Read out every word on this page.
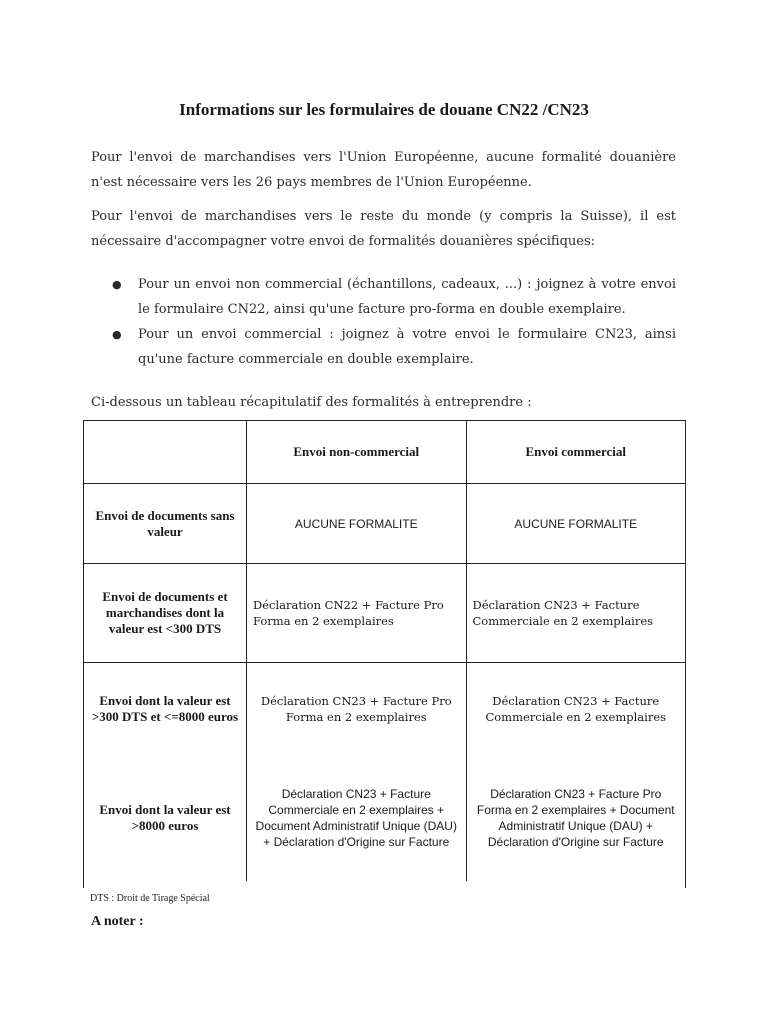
Informations sur les formulaires de douane CN22 /CN23
Pour l'envoi de marchandises vers l'Union Européenne, aucune formalité douanière n'est nécessaire vers les 26 pays membres de l'Union Européenne.
Pour l'envoi de marchandises vers le reste du monde (y compris la Suisse), il est nécessaire d'accompagner votre envoi de formalités douanières spécifiques:
● Pour un envoi non commercial (échantillons, cadeaux, ...) : joignez à votre envoi le formulaire CN22, ainsi qu'une facture pro-forma en double exemplaire.
● Pour un envoi commercial : joignez à votre envoi le formulaire CN23, ainsi qu'une facture commerciale en double exemplaire.
Ci-dessous un tableau récapitulatif des formalités à entreprendre :
	Envoi non-commercial	Envoi commercial
Envoi de documents sans valeur	AUCUNE FORMALITE	AUCUNE FORMALITE
Envoi de documents et marchandises dont la valeur est <300 DTS	Déclaration CN22 + Facture Pro Forma en 2 exemplaires	Déclaration CN23 + Facture Commerciale en 2 exemplaires
Envoi dont la valeur est >300 DTS et <=8000 euros	Déclaration CN23 + Facture Pro Forma en 2 exemplaires	Déclaration CN23 + Facture Commerciale en 2 exemplaires
Envoi dont la valeur est >8000 euros	Déclaration CN23 + Facture Commerciale en 2 exemplaires + Document Administratif Unique (DAU) + Déclaration d'Origine sur Facture	Déclaration CN23 + Facture Pro Forma en 2 exemplaires + Document Administratif Unique (DAU) + Déclaration d'Origine sur Facture
DTS : Droit de Tirage Spécial
A noter :
